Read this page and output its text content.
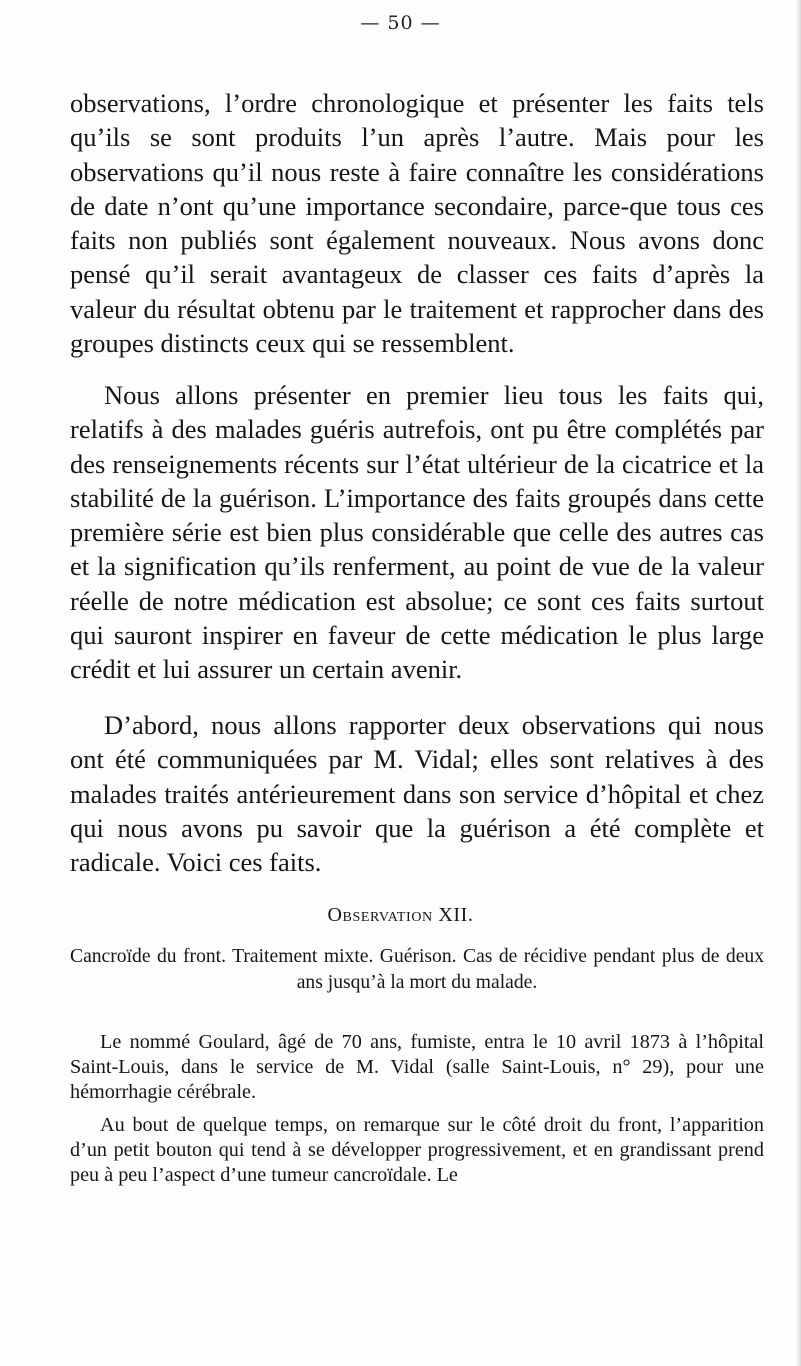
— 50 —

observations, l’ordre chronologique et présenter les faits tels qu’ils se sont produits l’un après l’autre. Mais pour les observations qu’il nous reste à faire connaître les considérations de date n’ont qu’une importance secondaire, parce-que tous ces faits non publiés sont également nouveaux. Nous avons donc pensé qu’il serait avantageux de classer ces faits d’après la valeur du résultat obtenu par le traitement et rapprocher dans des groupes distincts ceux qui se ressemblent.

Nous allons présenter en premier lieu tous les faits qui, relatifs à des malades guéris autrefois, ont pu être complétés par des renseignements récents sur l’état ultérieur de la cicatrice et la stabilité de la guérison. L’importance des faits groupés dans cette première série est bien plus considérable que celle des autres cas et la signification qu’ils renferment, au point de vue de la valeur réelle de notre médication est absolue; ce sont ces faits surtout qui sauront inspirer en faveur de cette médication le plus large crédit et lui assurer un certain avenir.

D’abord, nous allons rapporter deux observations qui nous ont été communiquées par M. Vidal; elles sont relatives à des malades traités antérieurement dans son service d’hôpital et chez qui nous avons pu savoir que la guérison a été complète et radicale. Voici ces faits.

Observation XII.
Cancroïde du front. Traitement mixte. Guérison. Cas de récidive pendant plus de deux ans jusqu’à la mort du malade.

Le nommé Goulard, âgé de 70 ans, fumiste, entra le 10 avril 1873 à l’hôpital Saint-Louis, dans le service de M. Vidal (salle Saint-Louis, n° 29), pour une hémorrhagie cérébrale.

Au bout de quelque temps, on remarque sur le côté droit du front, l’apparition d’un petit bouton qui tend à se développer progressivement, et en grandissant prend peu à peu l’aspect d’une tumeur cancroïdale. Le
